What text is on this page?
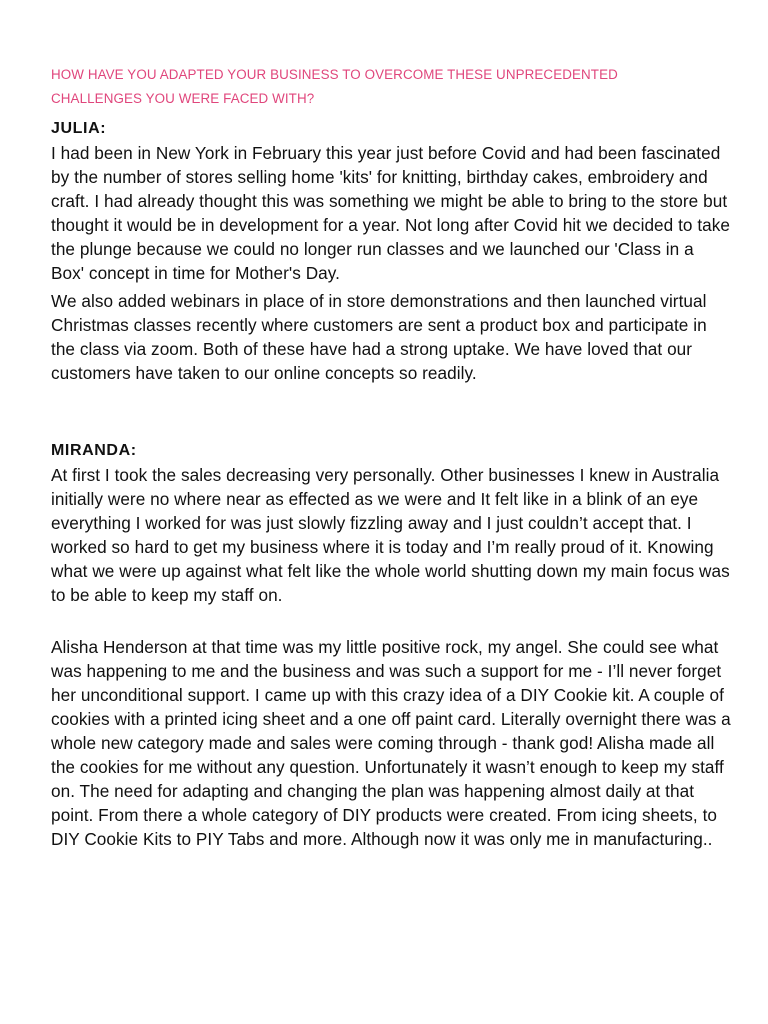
HOW HAVE YOU ADAPTED YOUR BUSINESS TO OVERCOME THESE UNPRECEDENTED
CHALLENGES YOU WERE FACED WITH?

JULIA:

I had been in New York in February this year just before Covid and had been fascinated by the number of stores selling home 'kits' for knitting, birthday cakes, embroidery and craft. I had already thought this was something we might be able to bring to the store but thought it would be in development for a year. Not long after Covid hit we decided to take the plunge because we could no longer run classes and we launched our 'Class in a Box' concept in time for Mother's Day.

We also added webinars in place of in store demonstrations and then launched virtual Christmas classes recently where customers are sent a product box and participate in the class via zoom. Both of these have had a strong uptake. We have loved that our customers have taken to our online concepts so readily.

MIRANDA:

At first I took the sales decreasing very personally. Other businesses I knew in Australia initially were no where near as effected as we were and It felt like in a blink of an eye everything I worked for was just slowly fizzling away and I just couldn’t accept that. I worked so hard to get my business where it is today and I’m really proud of it. Knowing what we were up against what felt like the whole world shutting down my main focus was to be able to keep my staff on.

Alisha Henderson at that time was my little positive rock, my angel. She could see what was happening to me and the business and was such a support for me - I’ll never forget her unconditional support. I came up with this crazy idea of a DIY Cookie kit. A couple of cookies with a printed icing sheet and a one off paint card. Literally overnight there was a whole new category made and sales were coming through - thank god! Alisha made all the cookies for me without any question. Unfortunately it wasn’t enough to keep my staff on. The need for adapting and changing the plan was happening almost daily at that point. From there a whole category of DIY products were created. From icing sheets, to DIY Cookie Kits to PIY Tabs and more. Although now it was only me in manufacturing..
